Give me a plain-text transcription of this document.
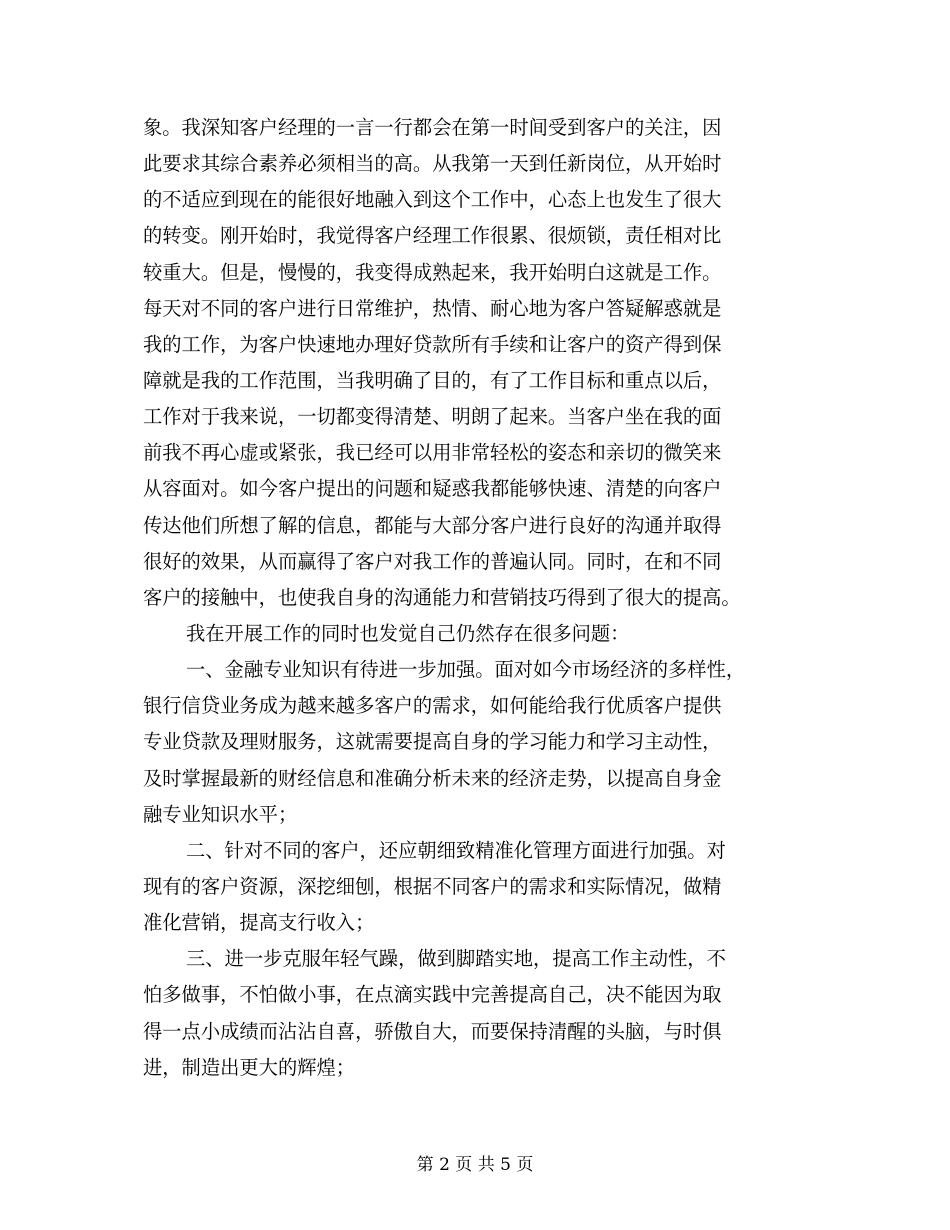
象。我深知客户经理的一言一行都会在第一时间受到客户的关注，因
此要求其综合素养必须相当的高。从我第一天到任新岗位，从开始时
的不适应到现在的能很好地融入到这个工作中，心态上也发生了很大
的转变。刚开始时，我觉得客户经理工作很累、很烦锁，责任相对比
较重大。但是，慢慢的，我变得成熟起来，我开始明白这就是工作。
每天对不同的客户进行日常维护，热情、耐心地为客户答疑解惑就是
我的工作，为客户快速地办理好贷款所有手续和让客户的资产得到保
障就是我的工作范围，当我明确了目的，有了工作目标和重点以后，
工作对于我来说，一切都变得清楚、明朗了起来。当客户坐在我的面
前我不再心虚或紧张，我已经可以用非常轻松的姿态和亲切的微笑来
从容面对。如今客户提出的问题和疑惑我都能够快速、清楚的向客户
传达他们所想了解的信息，都能与大部分客户进行良好的沟通并取得
很好的效果，从而赢得了客户对我工作的普遍认同。同时，在和不同
客户的接触中，也使我自身的沟通能力和营销技巧得到了很大的提高。
我在开展工作的同时也发觉自己仍然存在很多问题：
一、金融专业知识有待进一步加强。面对如今市场经济的多样性，
银行信贷业务成为越来越多客户的需求，如何能给我行优质客户提供
专业贷款及理财服务，这就需要提高自身的学习能力和学习主动性，
及时掌握最新的财经信息和准确分析未来的经济走势，以提高自身金
融专业知识水平；
二、针对不同的客户，还应朝细致精准化管理方面进行加强。对
现有的客户资源，深挖细刨，根据不同客户的需求和实际情况，做精
准化营销，提高支行收入；
三、进一步克服年轻气躁，做到脚踏实地，提高工作主动性，不
怕多做事，不怕做小事，在点滴实践中完善提高自己，决不能因为取
得一点小成绩而沾沾自喜，骄傲自大，而要保持清醒的头脑，与时俱
进，制造出更大的辉煌；
第 2 页 共 5 页
